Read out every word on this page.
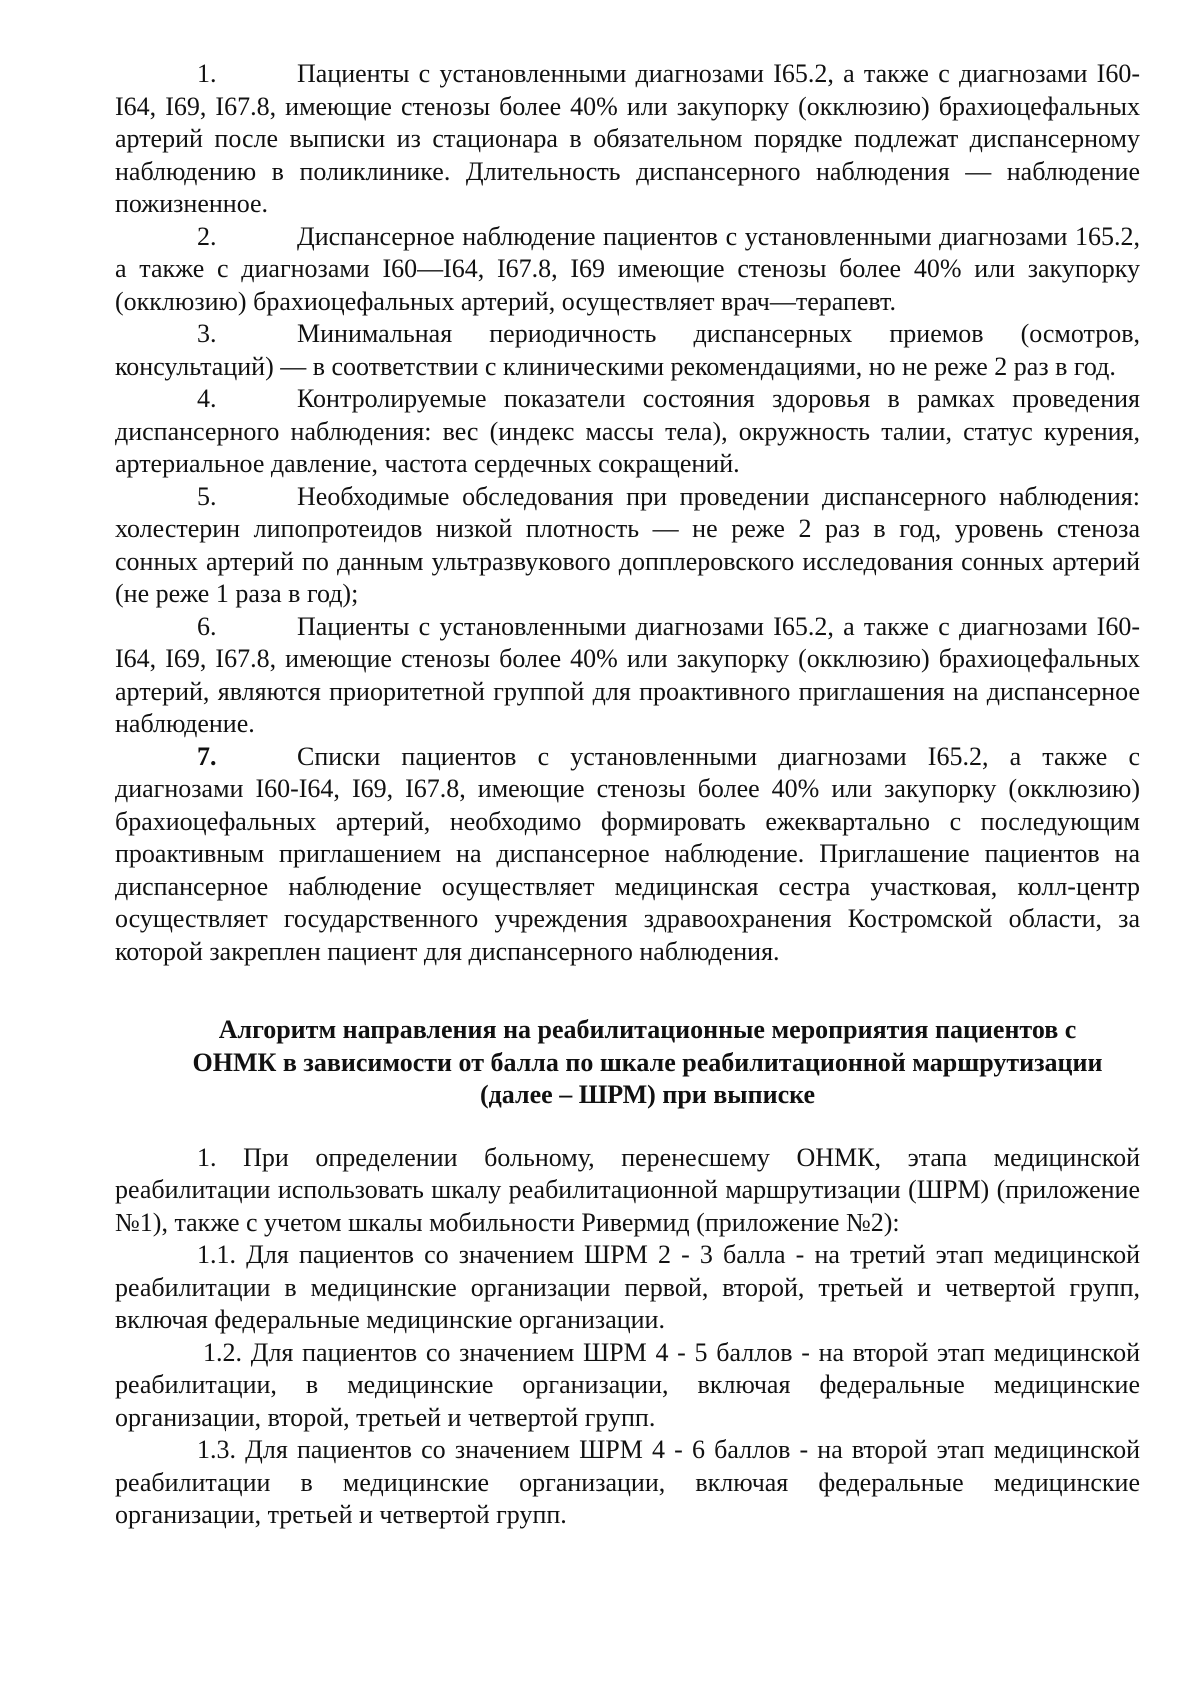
1.	Пациенты с установленными диагнозами I65.2, а также с диагнозами I60-I64, I69, I67.8, имеющие стенозы более 40% или закупорку (окклюзию) брахиоцефальных артерий после выписки из стационара в обязательном порядке подлежат диспансерному наблюдению в поликлинике. Длительность диспансерного наблюдения — наблюдение пожизненное.

2.	Диспансерное наблюдение пациентов с установленными диагнозами 165.2, а также с диагнозами I60—I64, I67.8, I69 имеющие стенозы более 40% или закупорку (окклюзию) брахиоцефальных артерий, осуществляет врач—терапевт.

3.	Минимальная периодичность диспансерных приемов (осмотров, консультаций) — в соответствии с клиническими рекомендациями, но не реже 2 раз в год.

4.	Контролируемые показатели состояния здоровья в рамках проведения диспансерного наблюдения: вес (индекс массы тела), окружность талии, статус курения, артериальное давление, частота сердечных сокращений.

5.	Необходимые обследования при проведении диспансерного наблюдения: холестерин липопротеидов низкой плотность — не реже 2 раз в год, уровень стеноза сонных артерий по данным ультразвукового допплеровского исследования сонных артерий (не реже 1 раза в год);

6.	Пациенты с установленными диагнозами I65.2, а также с диагнозами I60-I64, I69, I67.8, имеющие стенозы более 40% или закупорку (окклюзию) брахиоцефальных артерий, являются приоритетной группой для проактивного приглашения на диспансерное наблюдение.

7.	Списки пациентов с установленными диагнозами I65.2, а также с диагнозами I60-I64, I69, I67.8, имеющие стенозы более 40% или закупорку (окклюзию) брахиоцефальных артерий, необходимо формировать ежеквартально с последующим проактивным приглашением на диспансерное наблюдение. Приглашение пациентов на диспансерное наблюдение осуществляет медицинская сестра участковая, колл-центр осуществляет государственного учреждения здравоохранения Костромской области, за которой закреплен пациент для диспансерного наблюдения.

Алгоритм направления на реабилитационные мероприятия пациентов с
ОНМК в зависимости от балла по шкале реабилитационной маршрутизации
(далее – ШРМ) при выписке

1. При определении больному, перенесшему ОНМК, этапа медицинской реабилитации использовать шкалу реабилитационной маршрутизации (ШРМ) (приложение №1), также с учетом шкалы мобильности Ривермид (приложение №2):

1.1. Для пациентов со значением ШРМ 2 - 3 балла - на третий этап медицинской реабилитации в медицинские организации первой, второй, третьей и четвертой групп, включая федеральные медицинские организации.

1.2. Для пациентов со значением ШРМ 4 - 5 баллов - на второй этап медицинской реабилитации, в медицинские организации, включая федеральные медицинские организации, второй, третьей и четвертой групп.

1.3. Для пациентов со значением ШРМ 4 - 6 баллов - на второй этап медицинской реабилитации в медицинские организации, включая федеральные медицинские организации, третьей и четвертой групп.
